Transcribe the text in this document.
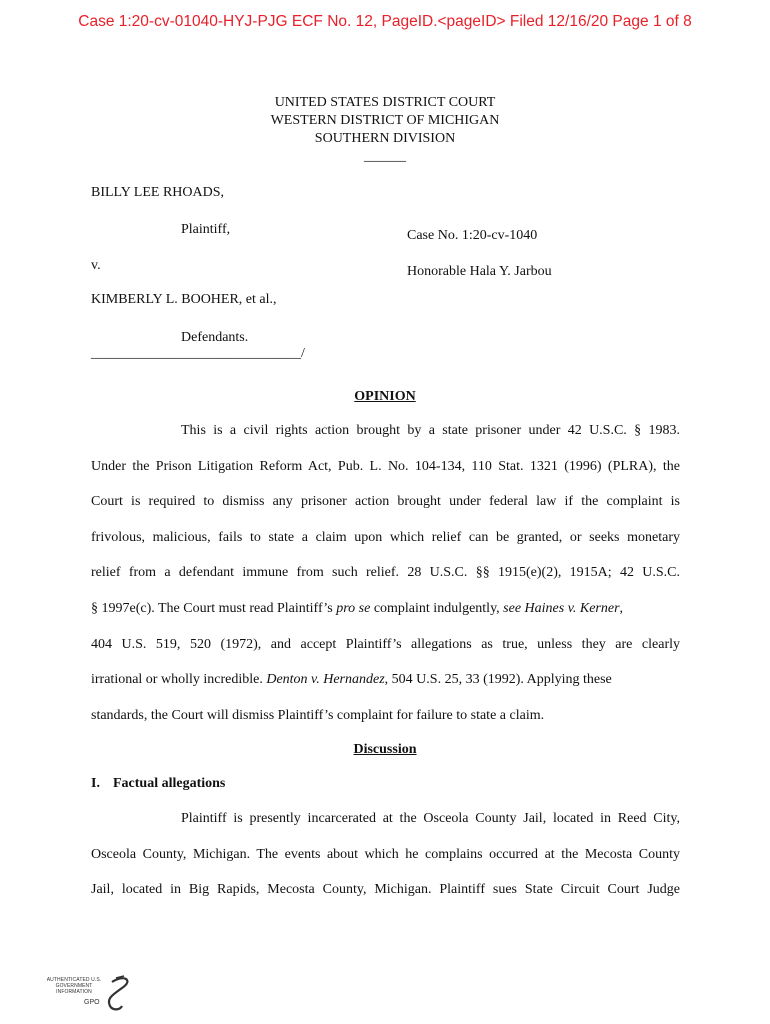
Case 1:20-cv-01040-HYJ-PJG ECF No. 12, PageID.<pageID> Filed 12/16/20 Page 1 of 8
UNITED STATES DISTRICT COURT
WESTERN DISTRICT OF MICHIGAN
SOUTHERN DIVISION
______
BILLY LEE RHOADS,
Plaintiff,	Case No. 1:20-cv-1040
v.	Honorable Hala Y. Jarbou
KIMBERLY L. BOOHER, et al.,
Defendants.
______________________________/
OPINION
This is a civil rights action brought by a state prisoner under 42 U.S.C. § 1983.
Under the Prison Litigation Reform Act, Pub. L. No. 104-134, 110 Stat. 1321 (1996) (PLRA), the
Court is required to dismiss any prisoner action brought under federal law if the complaint is
frivolous, malicious, fails to state a claim upon which relief can be granted, or seeks monetary
relief from a defendant immune from such relief. 28 U.S.C. §§ 1915(e)(2), 1915A; 42 U.S.C.
§ 1997e(c). The Court must read Plaintiff’s pro se complaint indulgently, see Haines v. Kerner,
404 U.S. 519, 520 (1972), and accept Plaintiff’s allegations as true, unless they are clearly
irrational or wholly incredible. Denton v. Hernandez, 504 U.S. 25, 33 (1992). Applying these
standards, the Court will dismiss Plaintiff’s complaint for failure to state a claim.
Discussion
I. Factual allegations
Plaintiff is presently incarcerated at the Osceola County Jail, located in Reed City,
Osceola County, Michigan. The events about which he complains occurred at the Mecosta County
Jail, located in Big Rapids, Mecosta County, Michigan. Plaintiff sues State Circuit Court Judge
AUTHENTICATED U.S. GOVERNMENT INFORMATION
GPO
